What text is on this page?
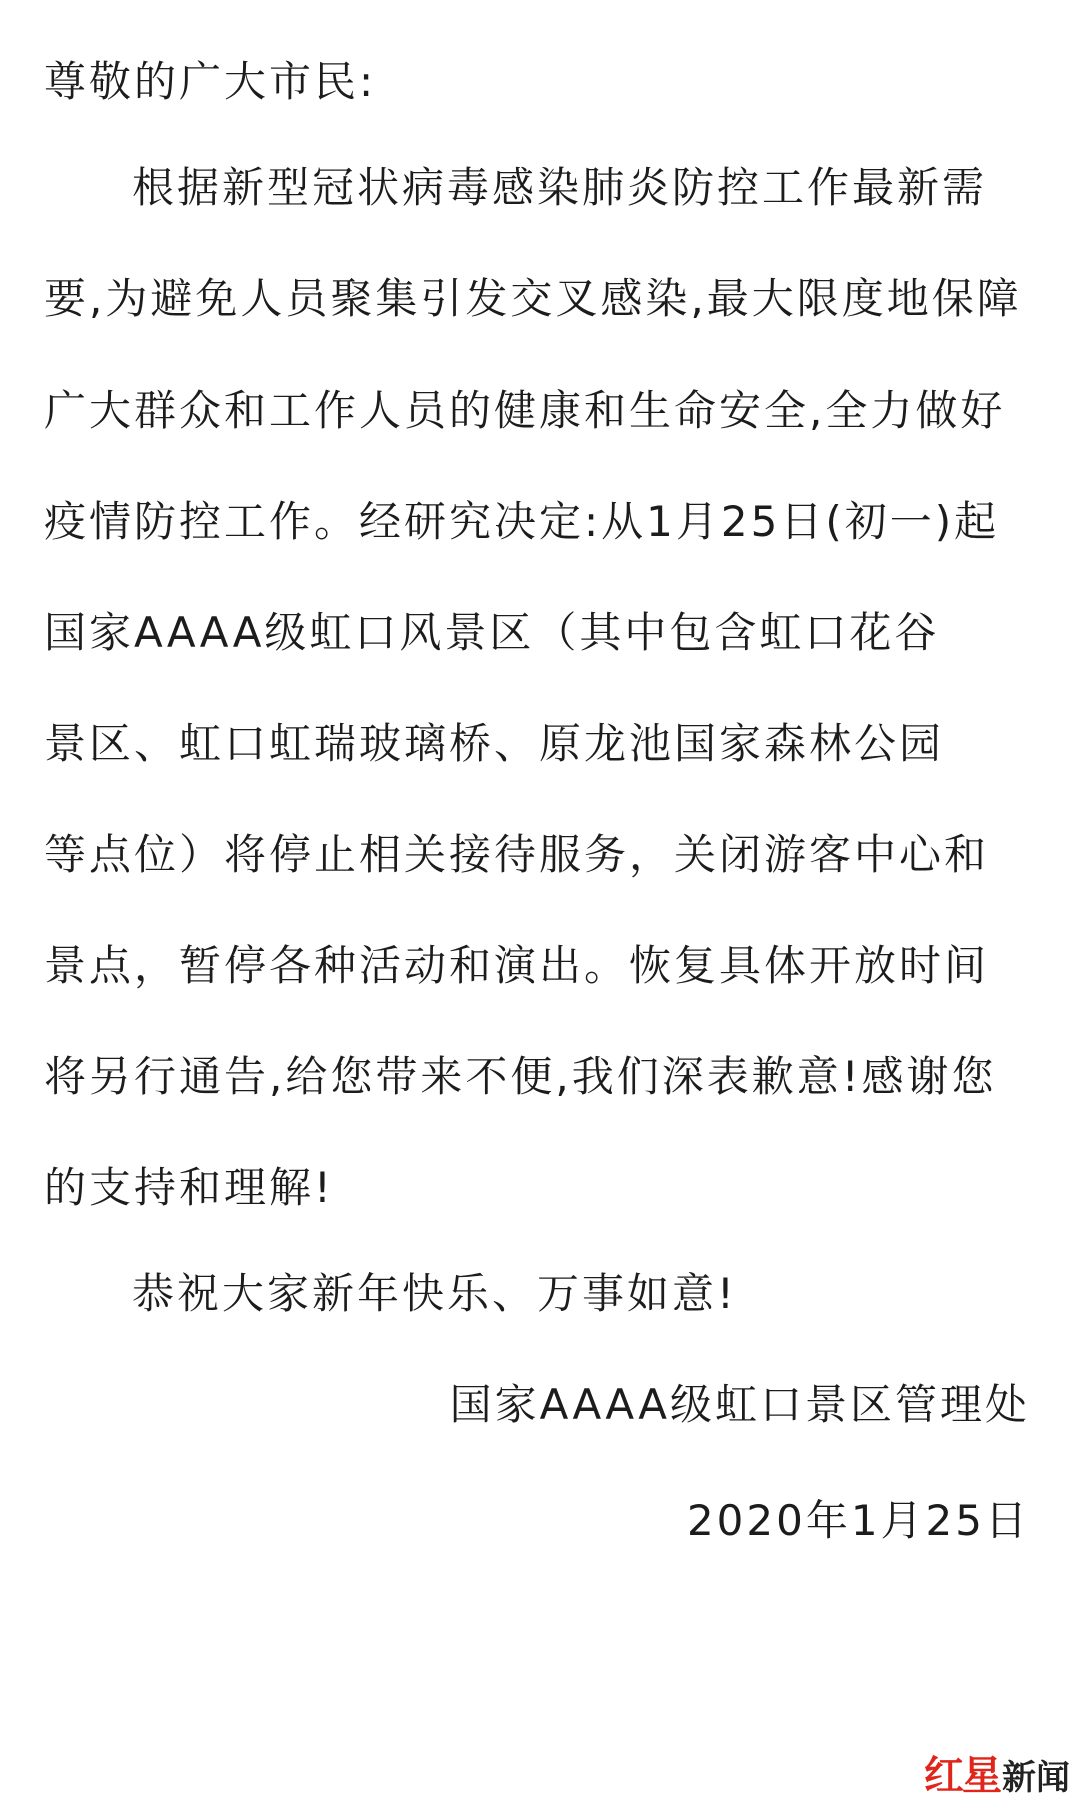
尊敬的广大市民:

根据新型冠状病毒感染肺炎防控工作最新需

要,为避免人员聚集引发交叉感染,最大限度地保障

广大群众和工作人员的健康和生命安全,全力做好

疫情防控工作。经研究决定:从1月25日(初一)起

国家AAAA级虹口风景区（其中包含虹口花谷

景区、虹口虹瑞玻璃桥、原龙池国家森林公园

等点位）将停止相关接待服务，关闭游客中心和

景点，暂停各种活动和演出。恢复具体开放时间

将另行通告,给您带来不便,我们深表歉意!感谢您

的支持和理解!

恭祝大家新年快乐、万事如意!

国家AAAA级虹口景区管理处

2020年1月25日

红星 新闻
